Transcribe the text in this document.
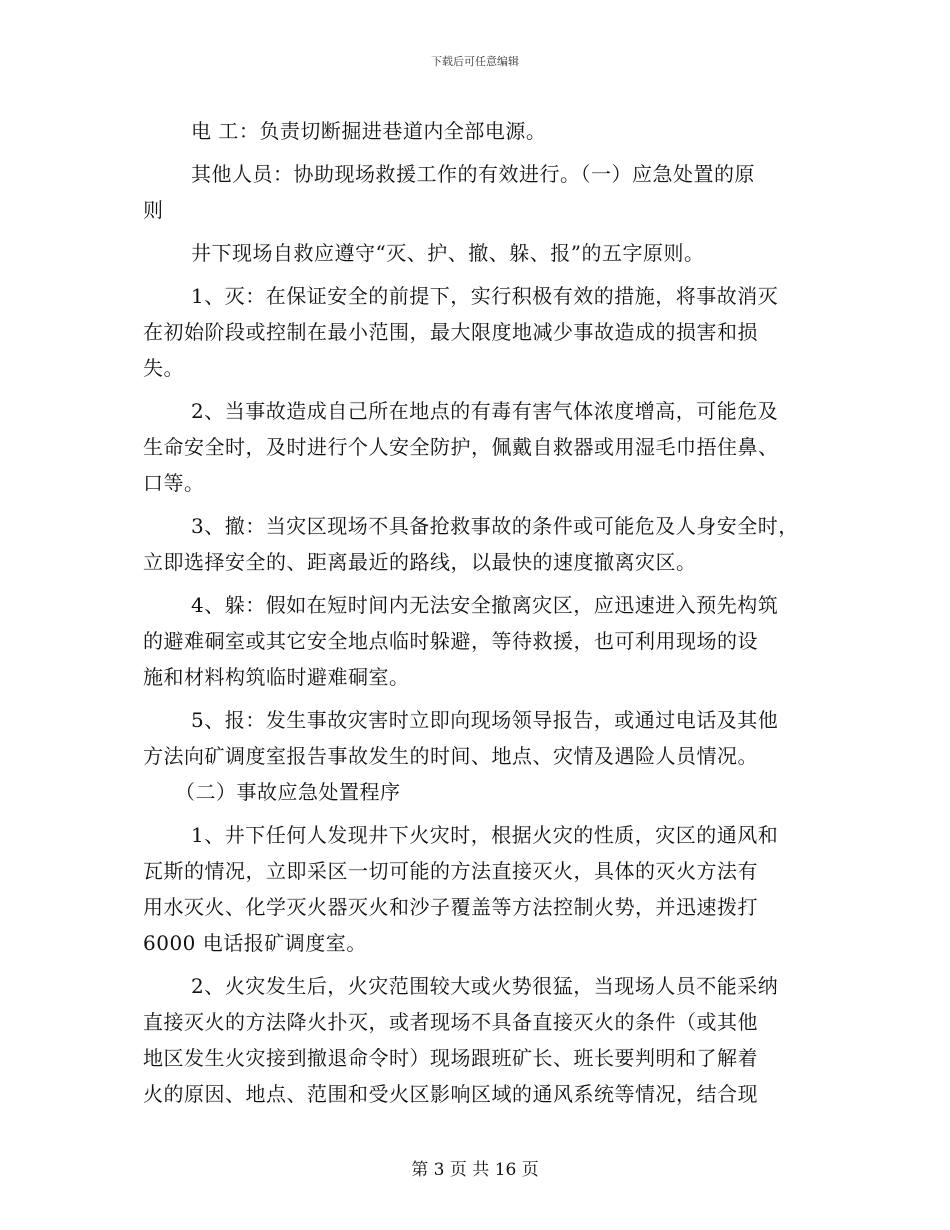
下载后可任意编辑
电 工：负责切断掘进巷道内全部电源。
其他人员：协助现场救援工作的有效进行。（一）应急处置的原
则
井下现场自救应遵守“灭、护、撤、躲、报”的五字原则。
1、灭：在保证安全的前提下，实行积极有效的措施，将事故消灭
在初始阶段或控制在最小范围，最大限度地减少事故造成的损害和损
失。
2、当事故造成自己所在地点的有毒有害气体浓度增高，可能危及
生命安全时，及时进行个人安全防护，佩戴自救器或用湿毛巾捂住鼻、
口等。
3、撤：当灾区现场不具备抢救事故的条件或可能危及人身安全时，
立即选择安全的、距离最近的路线，以最快的速度撤离灾区。
4、躲：假如在短时间内无法安全撤离灾区，应迅速进入预先构筑
的避难硐室或其它安全地点临时躲避，等待救援，也可利用现场的设
施和材料构筑临时避难硐室。
5、报：发生事故灾害时立即向现场领导报告，或通过电话及其他
方法向矿调度室报告事故发生的时间、地点、灾情及遇险人员情况。
（二）事故应急处置程序
1、井下任何人发现井下火灾时，根据火灾的性质，灾区的通风和
瓦斯的情况，立即采区一切可能的方法直接灭火，具体的灭火方法有
用水灭火、化学灭火器灭火和沙子覆盖等方法控制火势，并迅速拨打
6000 电话报矿调度室。
2、火灾发生后，火灾范围较大或火势很猛，当现场人员不能采纳
直接灭火的方法降火扑灭，或者现场不具备直接灭火的条件（或其他
地区发生火灾接到撤退命令时）现场跟班矿长、班长要判明和了解着
火的原因、地点、范围和受火区影响区域的通风系统等情况，结合现
第 3 页 共 16 页
